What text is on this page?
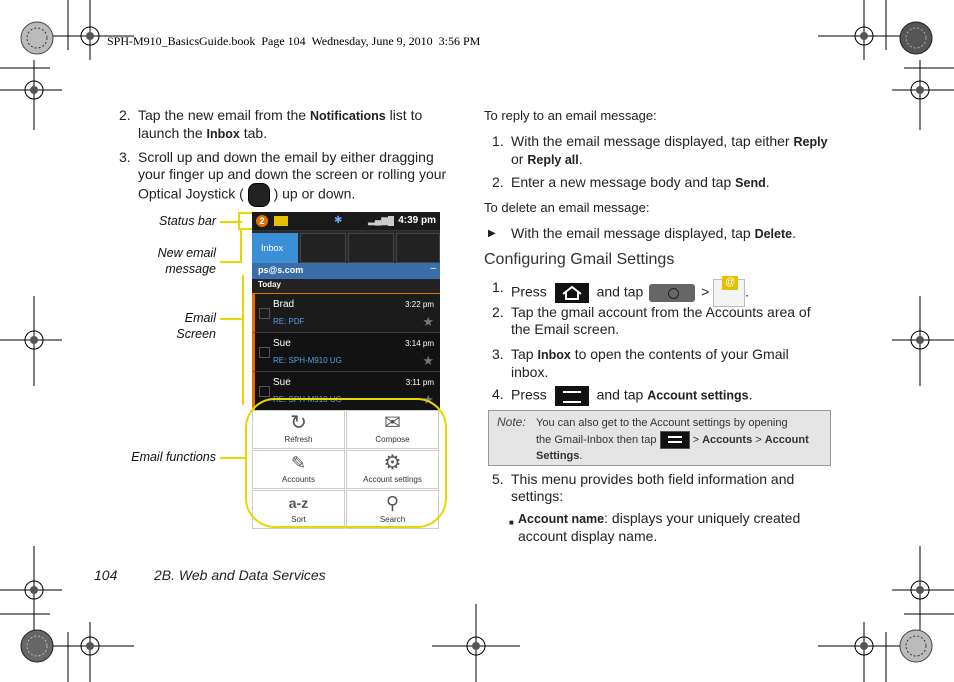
SPH-M910_BasicsGuide.book  Page 104  Wednesday, June 9, 2010  3:56 PM
2. Tap the new email from the Notifications list to
launch the Inbox tab.
3. Scroll up and down the email by either dragging
your finger up and down the screen or rolling your
Optical Joystick ( ) up or down.
Status bar
New email
message
Email
Screen
Email functions
2	✱	▂▄▆ 4:39 pm
Inbox
ps@s.com	–
Today
Brad	3:22 pm
RE: PDF	★
Sue	3:14 pm
RE: SPH-M910 UG	★
Sue	3:11 pm
RE: SPH-M910 UG	★
↻
Refresh
✉
Compose
✎
Accounts
⚙
Account settings
a-z
Sort
⚲
Search
To reply to an email message:
1. With the email message displayed, tap either Reply
or Reply all.
2. Enter a new message body and tap Send.
To delete an email message:
▶ With the email message displayed, tap Delete.
Configuring Gmail Settings
1. Press	and tap	>
@
.
2. Tap the gmail account from the Accounts area of
the Email screen.
3. Tap Inbox to open the contents of your Gmail
inbox.
4. Press	and tap Account settings.
Note: You can also get to the Account settings by opening
the Gmail-Inbox then tap	> Accounts > Account
Settings.
5. This menu provides both field information and
settings:
■ Account name: displays your uniquely created
account display name.
104	2B. Web and Data Services
